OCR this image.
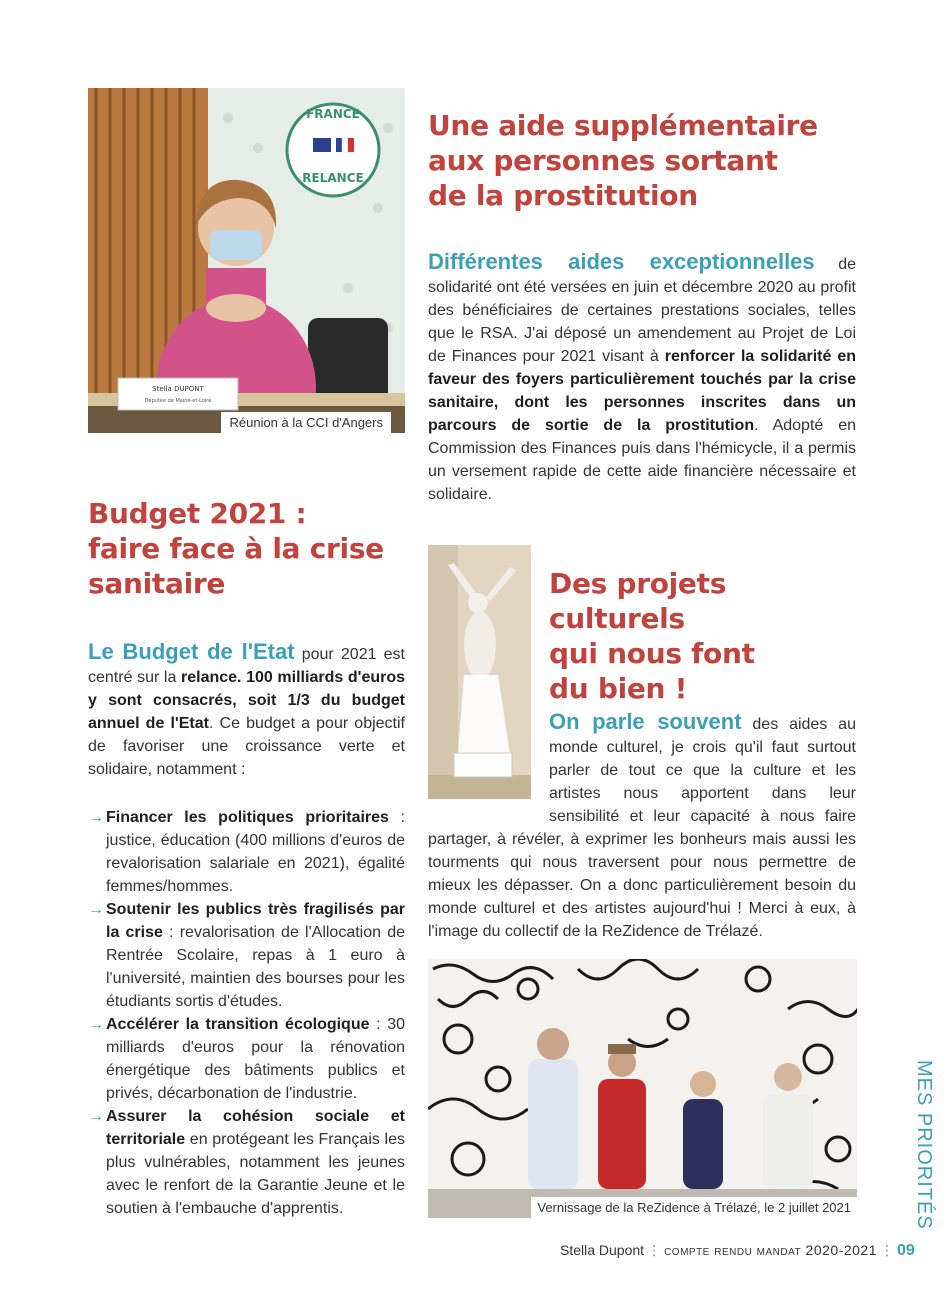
FRANCE
RELANCE
Stella DUPONT
Députée de Maine-et-Loire
Réunion à la CCI d'Angers
Une aide supplémentaire
aux personnes sortant
de la prostitution

Différentes aides exceptionnelles de solidarité ont été versées en juin et décembre 2020 au profit des bénéficiaires de certaines prestations sociales, telles que le RSA. J'ai déposé un amendement au Projet de Loi de Finances pour 2021 visant à renforcer la solidarité en faveur des foyers particulièrement touchés par la crise sanitaire, dont les personnes inscrites dans un parcours de sortie de la prostitution. Adopté en Commission des Finances puis dans l'hémicycle, il a permis un versement rapide de cette aide financière nécessaire et solidaire.

Budget 2021 :
faire face à la crise
sanitaire

Le Budget de l'Etat pour 2021 est centré sur la relance. 100 milliards d'euros y sont consacrés, soit 1/3 du budget annuel de l'Etat. Ce budget a pour objectif de favoriser une croissance verte et solidaire, notamment :

→ Financer les politiques prioritaires : justice, éducation (400 millions d'euros de revalorisation salariale en 2021), égalité femmes/hommes.
→ Soutenir les publics très fragilisés par la crise : revalorisation de l'Allocation de Rentrée Scolaire, repas à 1 euro à l'université, maintien des bourses pour les étudiants sortis d'études.
→ Accélérer la transition écologique : 30 milliards d'euros pour la rénovation énergétique des bâtiments publics et privés, décarbonation de l'industrie.
→ Assurer la cohésion sociale et territoriale en protégeant les Français les plus vulnérables, notamment les jeunes avec le renfort de la Garantie Jeune et le soutien à l'embauche d'apprentis.
Des projets culturels
qui nous font
du bien !

On parle souvent des aides au monde culturel, je crois qu'il faut surtout parler de tout ce que la culture et les artistes nous apportent dans leur sensibilité et leur capacité à nous faire partager, à révéler, à exprimer les bonheurs mais aussi les tourments qui nous traversent pour nous permettre de mieux les dépasser. On a donc particulièrement besoin du monde culturel et des artistes aujourd'hui ! Merci à eux, à l'image du collectif de la ReZidence de Trélazé.

Vernissage de la ReZidence à Trélazé, le 2 juillet 2021	MES PRIORITÉS
Stella Dupont ⋮ compte rendu mandat 2020-2021 ⋮ 09
